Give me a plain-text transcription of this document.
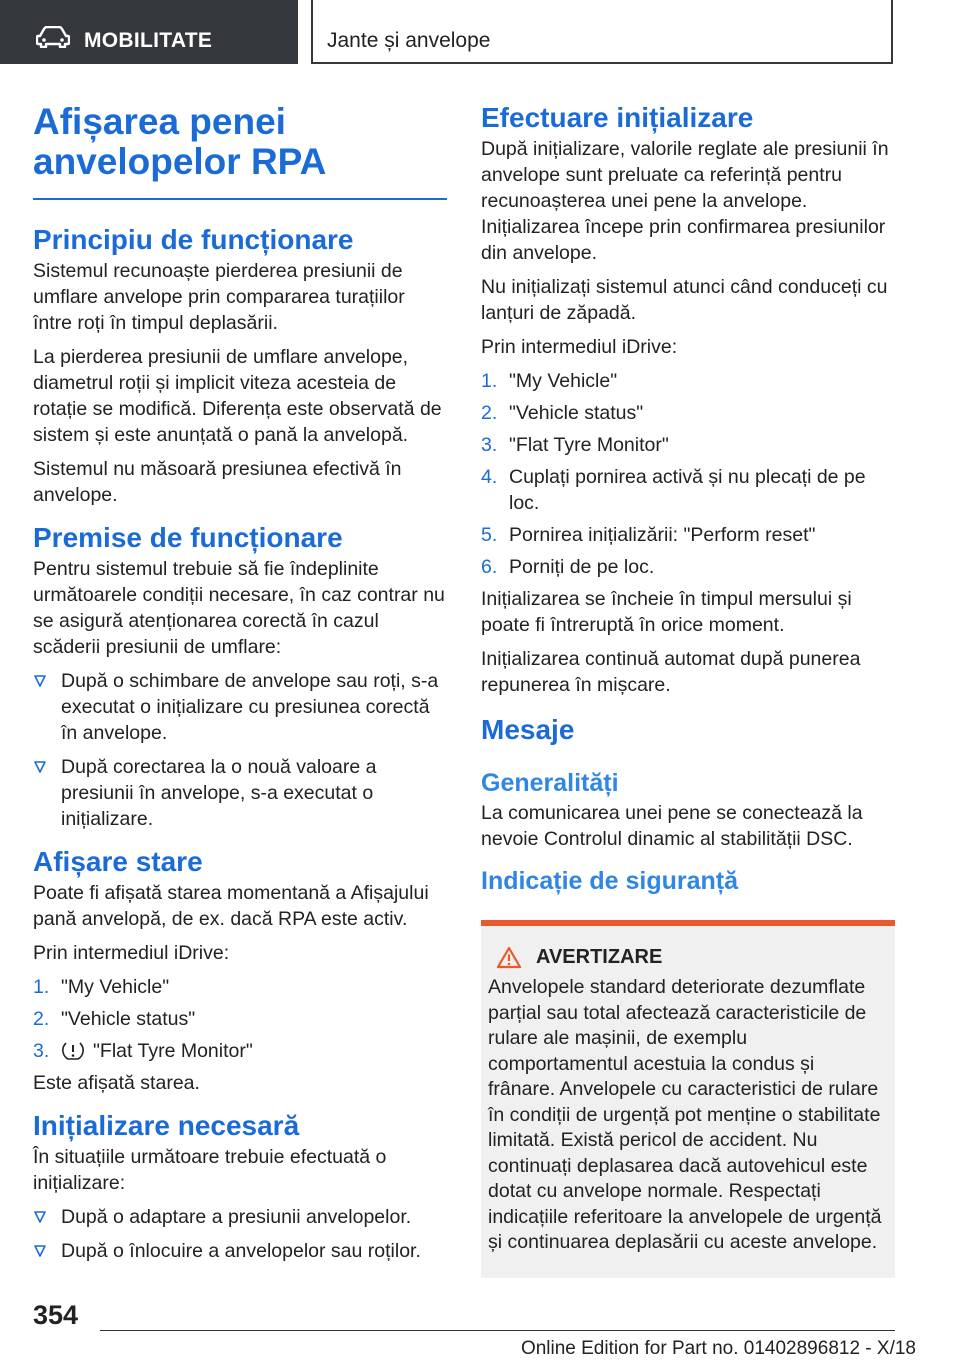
MOBILITATE	Jante și anvelope
Afișarea penei anvelopelor RPA
Principiu de funcționare

Sistemul recunoaște pierderea presiunii de umflare anvelope prin compararea turațiilor între roți în timpul deplasării.

La pierderea presiunii de umflare anvelope, diametrul roții și implicit viteza acesteia de rotație se modifică. Diferența este observată de sistem și este anunțată o pană la anvelopă.

Sistemul nu măsoară presiunea efectivă în anvelope.

Premise de funcționare

Pentru sistemul trebuie să fie îndeplinite următoarele condiții necesare, în caz contrar nu se asigură atenționarea corectă în cazul scăderii presiunii de umflare:

După o schimbare de anvelope sau roți, s-a executat o inițializare cu presiunea corectă în anvelope.
După corectarea la o nouă valoare a presiunii în anvelope, s-a executat o inițializare.
Afișare stare

Poate fi afișată starea momentană a Afișajului pană anvelopă, de ex. dacă RPA este activ.

Prin intermediul iDrive:

1. "My Vehicle"
2. "Vehicle status"
3. "Flat Tyre Monitor"

Este afișată starea.

Inițializare necesară

În situațiile următoare trebuie efectuată o inițializare:

După o adaptare a presiunii anvelopelor.
După o înlocuire a anvelopelor sau roților.
Efectuare inițializare

După inițializare, valorile reglate ale presiunii în anvelope sunt preluate ca referință pentru recunoașterea unei pene la anvelope. Inițializarea începe prin confirmarea presiunilor din anvelope.

Nu inițializați sistemul atunci când conduceți cu lanțuri de zăpadă.

Prin intermediul iDrive:

1. "My Vehicle"
2. "Vehicle status"
3. "Flat Tyre Monitor"
4. Cuplați pornirea activă și nu plecați de pe loc.
5. Pornirea inițializării: "Perform reset"
6. Porniți de pe loc.

Inițializarea se încheie în timpul mersului și poate fi întreruptă în orice moment.

Inițializarea continuă automat după punerea repunerea în mișcare.

Mesaje
Generalități

La comunicarea unei pene se conectează la nevoie Controlul dinamic al stabilității DSC.

Indicație de siguranță
AVERTIZARE

Anvelopele standard deteriorate dezumflate parțial sau total afectează caracteristicile de rulare ale mașinii, de exemplu comportamentul acestuia la condus și frânare. Anvelopele cu caracteristici de rulare în condiții de urgență pot menține o stabilitate limitată. Există pericol de accident. Nu continuați deplasarea dacă autovehicul este dotat cu anvelope normale. Respectați indicațiile referitoare la anvelopele de urgență și continuarea deplasării cu aceste anvelope.

354
Online Edition for Part no. 01402896812 - X/18
